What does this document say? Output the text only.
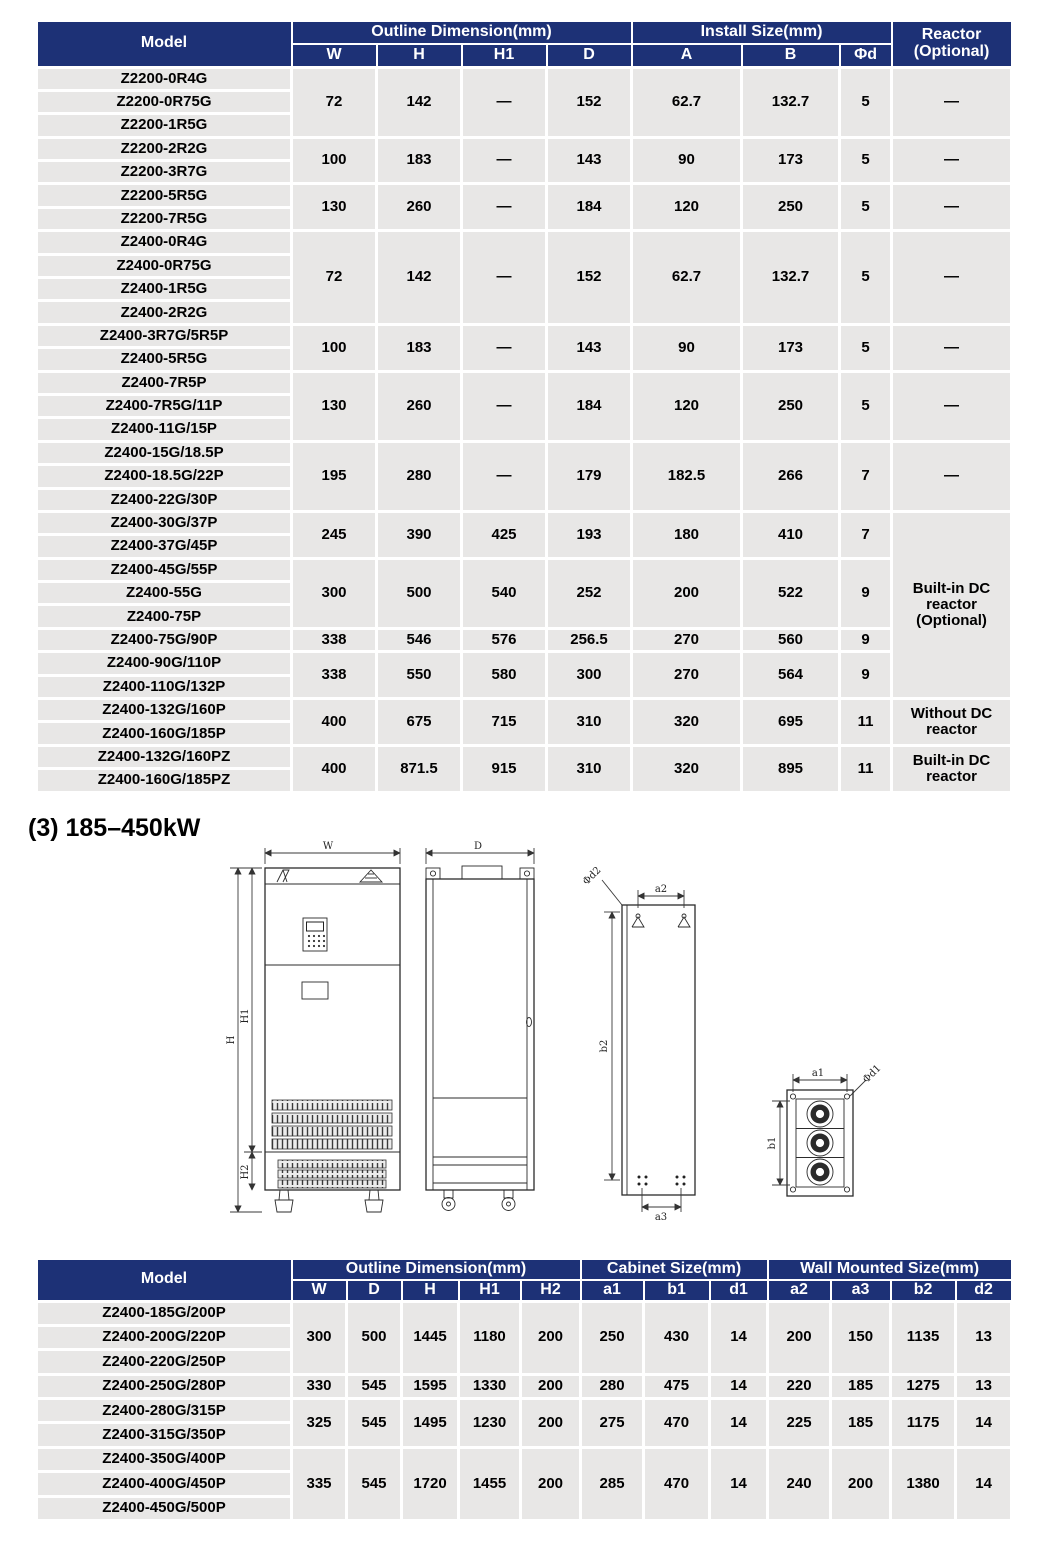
Model	Outline Dimension(mm)				Install Size(mm)			Reactor (Optional)
	W	H	H1	D	A	B	Φd	
Z2200-0R4G	72	142	—	152	62.7	132.7	5	—
Z2200-0R75G								
Z2200-1R5G								
Z2200-2R2G	100	183	—	143	90	173	5	—
Z2200-3R7G								
Z2200-5R5G	130	260	—	184	120	250	5	—
Z2200-7R5G								
Z2400-0R4G	72	142	—	152	62.7	132.7	5	—
Z2400-0R75G								
Z2400-1R5G								
Z2400-2R2G								
Z2400-3R7G/5R5P	100	183	—	143	90	173	5	—
Z2400-5R5G								
Z2400-7R5P	130	260	—	184	120	250	5	—
Z2400-7R5G/11P								
Z2400-11G/15P								
Z2400-15G/18.5P	195	280	—	179	182.5	266	7	—
Z2400-18.5G/22P								
Z2400-22G/30P								
Z2400-30G/37P	245	390	425	193	180	410	7	Built-in DC reactor (Optional)
Z2400-37G/45P								
Z2400-45G/55P	300	500	540	252	200	522	9	
Z2400-55G								
Z2400-75P								
Z2400-75G/90P	338	546	576	256.5	270	560	9	
Z2400-90G/110P	338	550	580	300	270	564	9	
Z2400-110G/132P								
Z2400-132G/160P	400	675	715	310	320	695	11	Without DC reactor
Z2400-160G/185P								
Z2400-132G/160PZ	400	871.5	915	310	320	895	11	Built-in DC reactor
Z2400-160G/185PZ								
(3) 185–450kW
W
H
H1
H2
D
a2
Φd2
b2
a3
a1	Φd1
b1
Model	Outline Dimension(mm)					Cabinet Size(mm)			Wall Mounted Size(mm)			
	W	D	H	H1	H2	a1	b1	d1	a2	a3	b2	d2
Z2400-185G/200P	300	500	1445	1180	200	250	430	14	200	150	1135	13
Z2400-200G/220P												
Z2400-220G/250P												
Z2400-250G/280P	330	545	1595	1330	200	280	475	14	220	185	1275	13
Z2400-280G/315P	325	545	1495	1230	200	275	470	14	225	185	1175	14
Z2400-315G/350P												
Z2400-350G/400P	335	545	1720	1455	200	285	470	14	240	200	1380	14
Z2400-400G/450P												
Z2400-450G/500P												
